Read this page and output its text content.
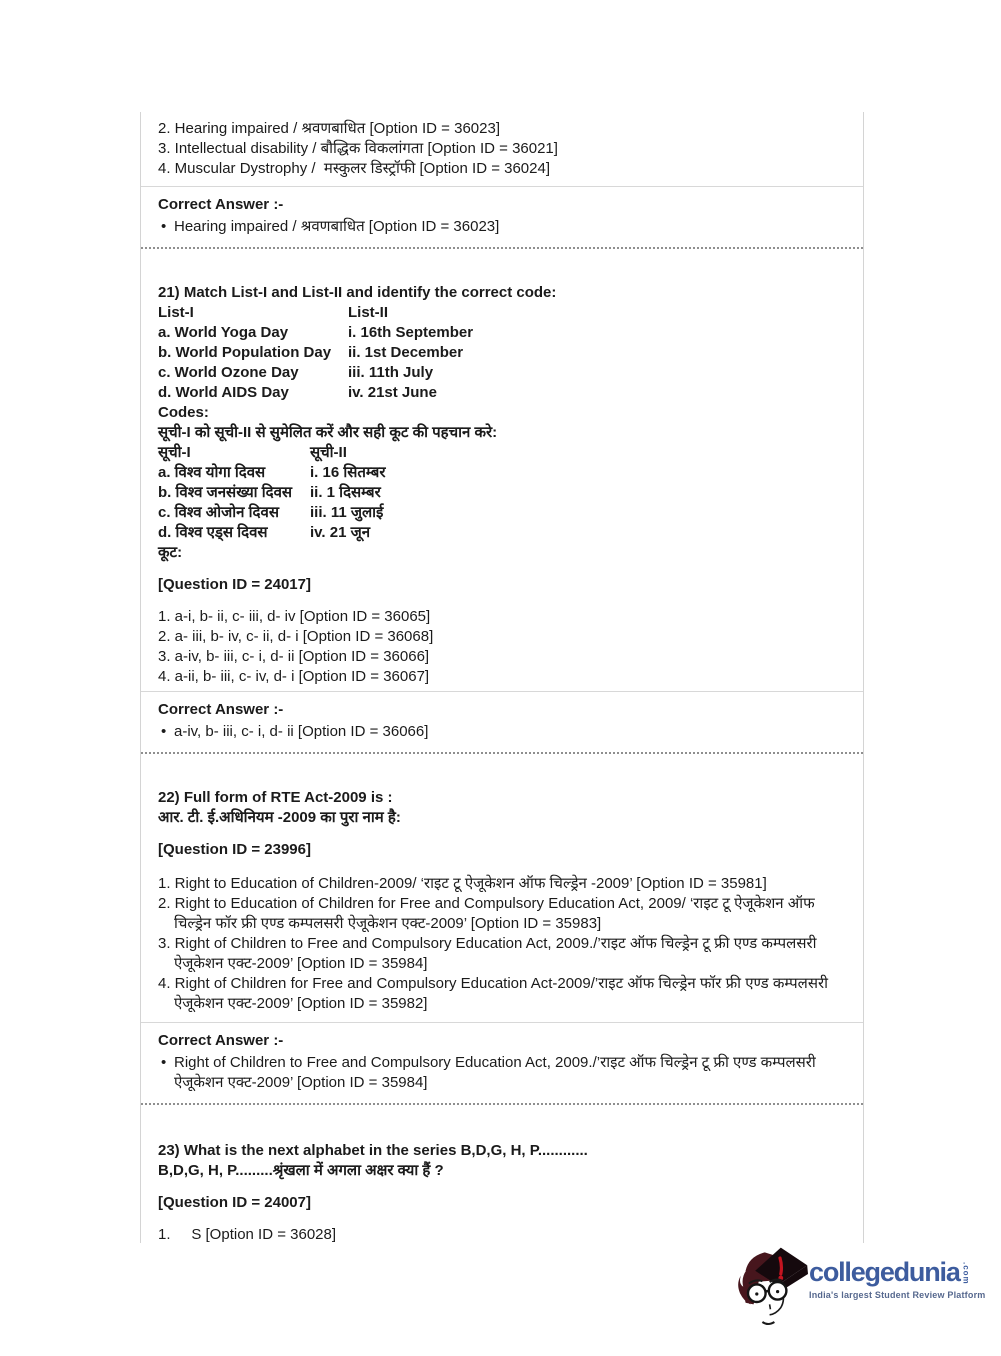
2. Hearing impaired / श्रवणबाधित [Option ID = 36023]
3. Intellectual disability / बौद्धिक विकलांगता [Option ID = 36021]
4. Muscular Dystrophy /  मस्कुलर डिस्ट्रॉफी [Option ID = 36024]
Correct Answer :-
• Hearing impaired / श्रवणबाधित [Option ID = 36023]
21) Match List-I and List-II and identify the correct code:
List-I	List-II
a. World Yoga Day	i. 16th September
b. World Population Day	ii. 1st December
c. World Ozone Day	iii. 11th July
d. World AIDS Day	iv. 21st June
Codes:
सूची-I को सूची-II से सुमेलित करें और सही कूट की पहचान करे:
सूची-I	सूची-II
a. विश्व योगा दिवस	i. 16 सितम्बर
b. विश्व जनसंख्या दिवस	ii. 1 दिसम्बर
c. विश्व ओजोन दिवस	iii. 11 जुलाई
d. विश्व एड्स दिवस	iv. 21 जून
कूट:
[Question ID = 24017]
1. a-i, b- ii, c- iii, d- iv [Option ID = 36065]
2. a- iii, b- iv, c- ii, d- i [Option ID = 36068]
3. a-iv, b- iii, c- i, d- ii [Option ID = 36066]
4. a-ii, b- iii, c- iv, d- i [Option ID = 36067]
Correct Answer :-
• a-iv, b- iii, c- i, d- ii [Option ID = 36066]
22) Full form of RTE Act-2009 is :
आर. टी. ई.अधिनियम -2009 का पुरा नाम है:
[Question ID = 23996]
1. Right to Education of Children-2009/ ‘राइट टू ऐजूकेशन ऑफ चिल्ड्रेन -2009’ [Option ID = 35981]
2. Right to Education of Children for Free and Compulsory Education Act, 2009/ ‘राइट टू ऐजूकेशन ऑफ चिल्ड्रेन फॉर फ्री एण्ड कम्पलसरी ऐजूकेशन एक्ट-2009’ [Option ID = 35983]
3. Right of Children to Free and Compulsory Education Act, 2009./’राइट ऑफ चिल्ड्रेन टू फ्री एण्ड कम्पलसरी ऐजूकेशन एक्ट-2009’ [Option ID = 35984]
4. Right of Children for Free and Compulsory Education Act-2009/’राइट ऑफ चिल्ड्रेन फॉर फ्री एण्ड कम्पलसरी ऐजूकेशन एक्ट-2009’ [Option ID = 35982]
Correct Answer :-
• Right of Children to Free and Compulsory Education Act, 2009./’राइट ऑफ चिल्ड्रेन टू फ्री एण्ड कम्पलसरी ऐजूकेशन एक्ट-2009’ [Option ID = 35984]
23) What is the next alphabet in the series B,D,G, H, P............
B,D,G, H, P.........श्रृंखला में अगला अक्षर क्या हैं ?
[Question ID = 24007]
1.     S [Option ID = 36028]
collegedunia .com
India's largest Student Review Platform
